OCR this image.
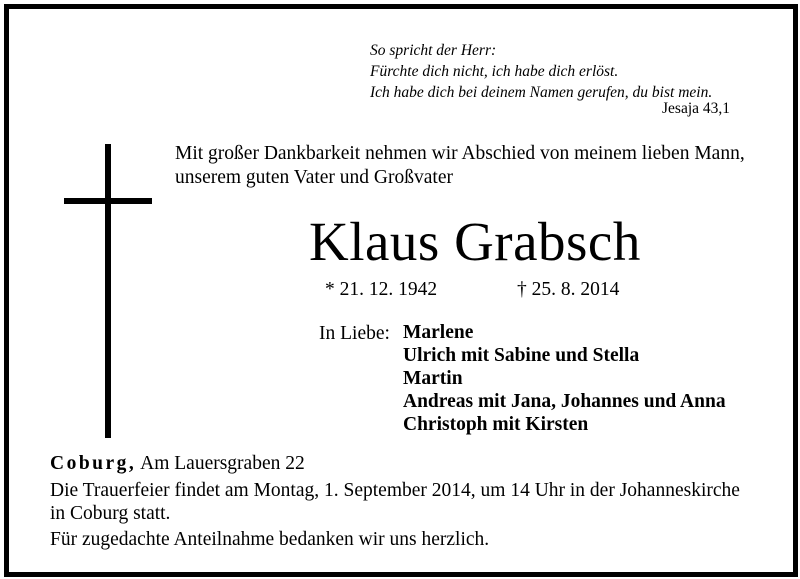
So spricht der Herr:
Fürchte dich nicht, ich habe dich erlöst.
Ich habe dich bei deinem Namen gerufen, du bist mein.
Jesaja 43,1
Mit großer Dankbarkeit nehmen wir Abschied von meinem lieben Mann,
unserem guten Vater und Großvater
Klaus Grabsch
* 21. 12. 1942	† 25. 8. 2014
In Liebe: Marlene
Ulrich mit Sabine und Stella
Martin
Andreas mit Jana, Johannes und Anna
Christoph mit Kirsten
Coburg, Am Lauersgraben 22
Die Trauerfeier findet am Montag, 1. September 2014, um 14 Uhr in der Johanneskirche
in Coburg statt.
Für zugedachte Anteilnahme bedanken wir uns herzlich.
